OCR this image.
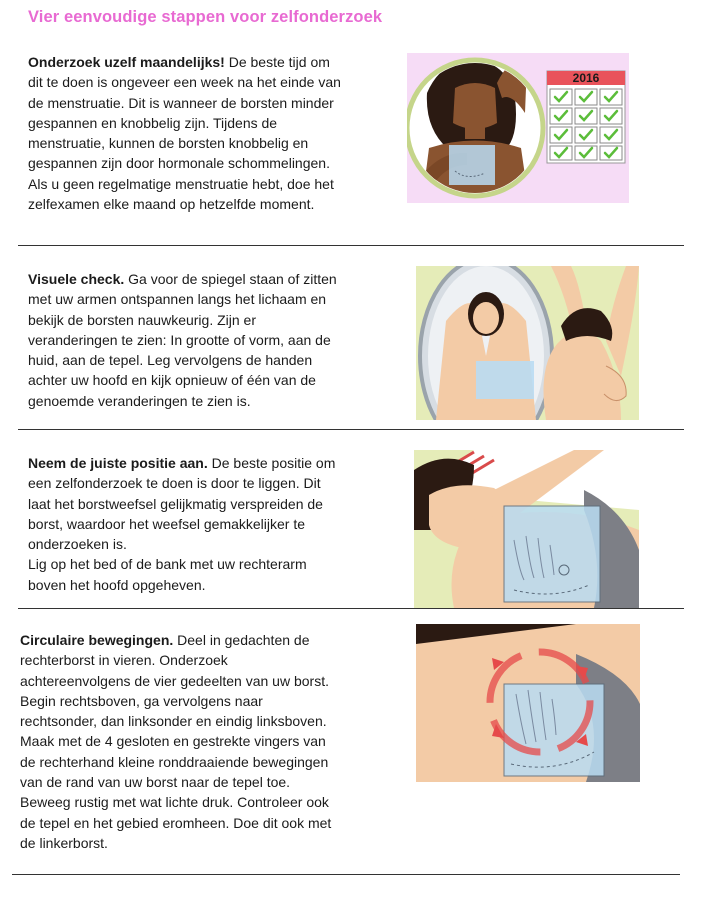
Vier eenvoudige stappen voor zelfonderzoek
Onderzoek uzelf maandelijks! De beste tijd om dit te doen is ongeveer een week na het einde van de menstruatie. Dit is wanneer de borsten minder gespannen en knobbelig zijn. Tijdens de menstruatie, kunnen de borsten knobbelig en gespannen zijn door hormonale schommelingen. Als u geen regelmatige menstruatie hebt, doe het zelfexamen elke maand op hetzelfde moment.
2016
Visuele check. Ga voor de spiegel staan of zitten met uw armen ontspannen langs het lichaam en bekijk de borsten nauwkeurig. Zijn er veranderingen te zien: In grootte of vorm, aan de huid, aan de tepel. Leg vervolgens de handen achter uw hoofd en kijk opnieuw of één van de genoemde veranderingen te zien is.
Neem de juiste positie aan. De beste positie om een zelfonderzoek te doen is door te liggen. Dit laat het borstweefsel gelijkmatig verspreiden de borst, waardoor het weefsel gemakkelijker te onderzoeken is.
Lig op het bed of de bank met uw rechterarm boven het hoofd opgeheven.
Circulaire bewegingen. Deel in gedachten de rechterborst in vieren. Onderzoek achtereenvolgens de vier gedeelten van uw borst. Begin rechtsboven, ga vervolgens naar rechtsonder, dan linksonder en eindig linksboven. Maak met de 4 gesloten en gestrekte vingers van de rechterhand kleine ronddraaiende bewegingen van de rand van uw borst naar de tepel toe. Beweeg rustig met wat lichte druk. Controleer ook de tepel en het gebied eromheen. Doe dit ook met de linkerborst.
